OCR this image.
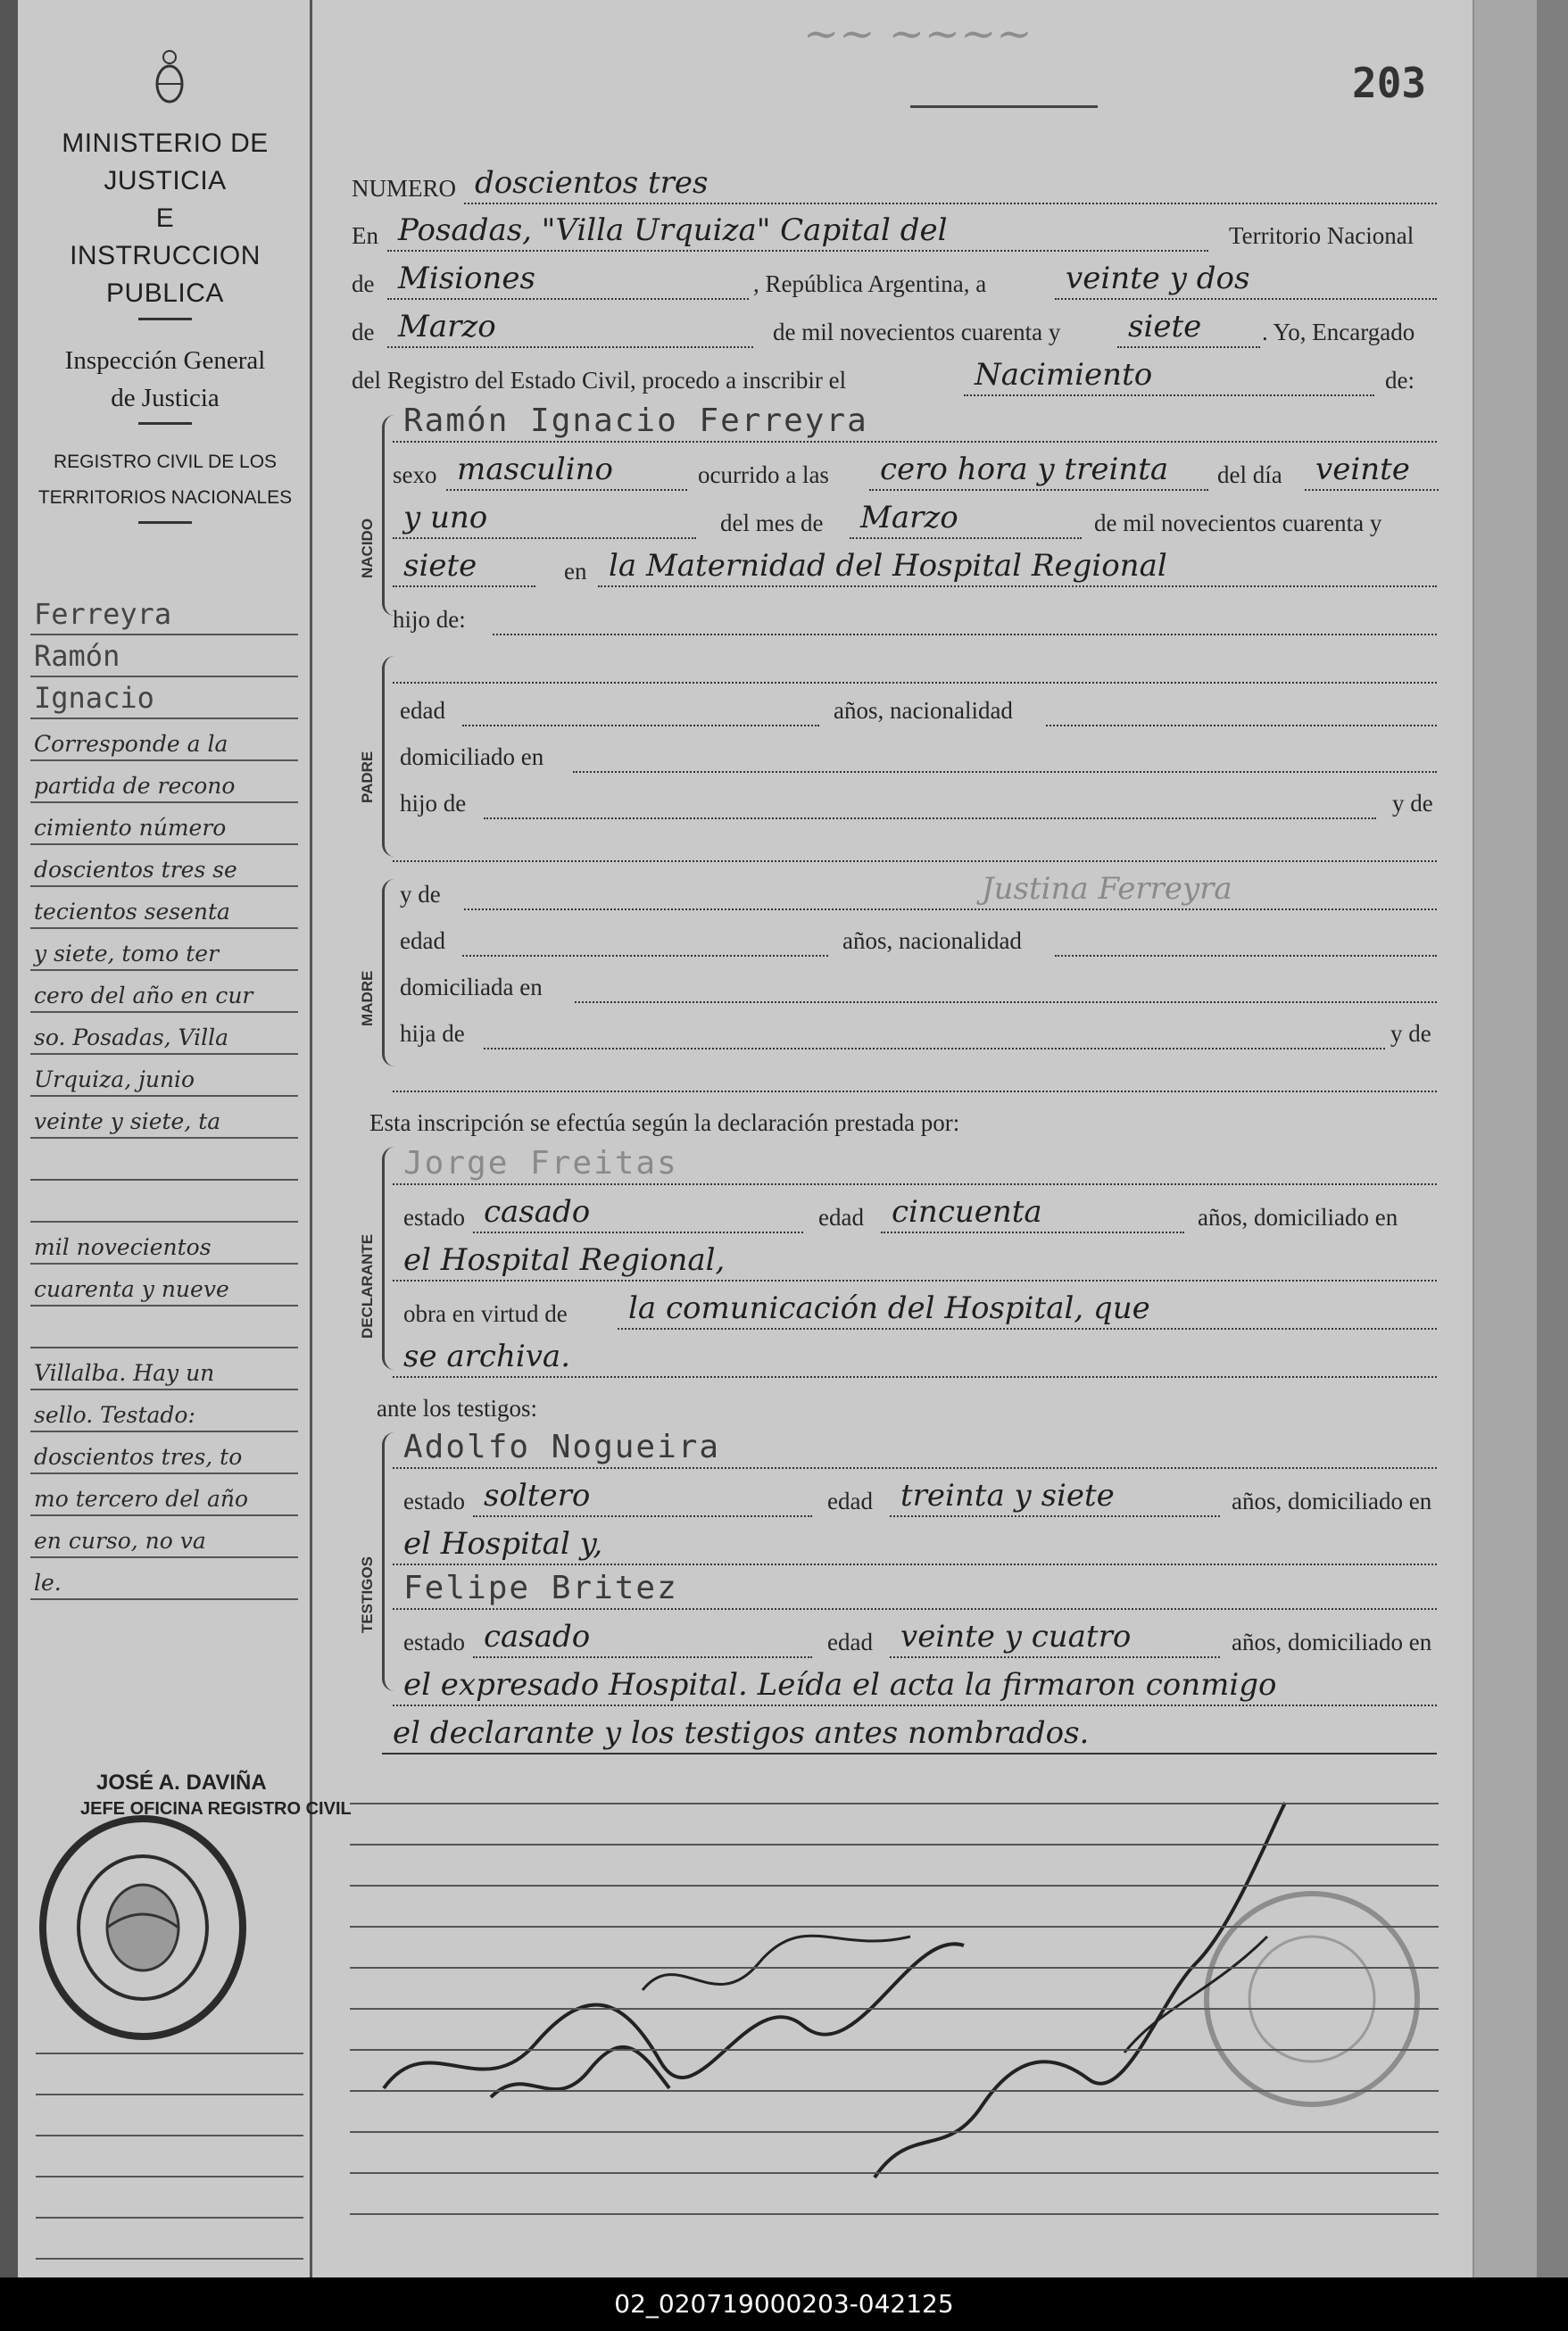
~~ ~~~~
203
MINISTERIO DE JUSTICIA
E
INSTRUCCION PUBLICA
Inspección General
de Justicia
REGISTRO CIVIL DE LOS
TERRITORIOS NACIONALES
Ferreyra
Ramón
Ignacio
Corresponde a la
partida de recono
cimiento número
doscientos tres se
tecientos sesenta
y siete, tomo ter
cero del año en cur
so. Posadas, Villa
Urquiza, junio
veinte y siete, ta
mil novecientos
cuarenta y nueve
Villalba. Hay un
sello. Testado:
doscientos tres, to
mo tercero del año
en curso, no va
le.
JOSÉ A. DAVIÑA
JEFE OFICINA REGISTRO CIVIL
NACIDO
PADRE
MADRE
DECLARANTE
TESTIGOS
NUMERO doscientos tres
En Posadas, "Villa Urquiza" Capital del	Territorio Nacional
de Misiones	, República Argentina, a	veinte y dos
de Marzo	de mil novecientos cuarenta y siete	. Yo, Encargado
del Registro del Estado Civil, procedo a inscribir el	Nacimiento	de:
Ramón Ignacio Ferreyra
sexo masculino	ocurrido a las cero hora y treinta del día veinte
y uno	del mes de Marzo	de mil novecientos cuarenta y
siete	en la Maternidad del Hospital Regional
hijo de:
edad	años, nacionalidad
domiciliado en
hijo de	y de
y de	Justina Ferreyra
edad	años, nacionalidad
domiciliada en
hija de	y de
Esta inscripción se efectúa según la declaración prestada por:
Jorge Freitas
estado casado	edad cincuenta	años, domiciliado en
el Hospital Regional,
obra en virtud de la comunicación del Hospital, que
se archiva.
ante los testigos:
Adolfo Nogueira
estado soltero	edad treinta y siete	años, domiciliado en
el Hospital y,
Felipe Britez
estado casado	edad veinte y cuatro	años, domiciliado en
el expresado Hospital. Leída el acta la firmaron conmigo
el declarante y los testigos antes nombrados.
02_020719000203-042125
